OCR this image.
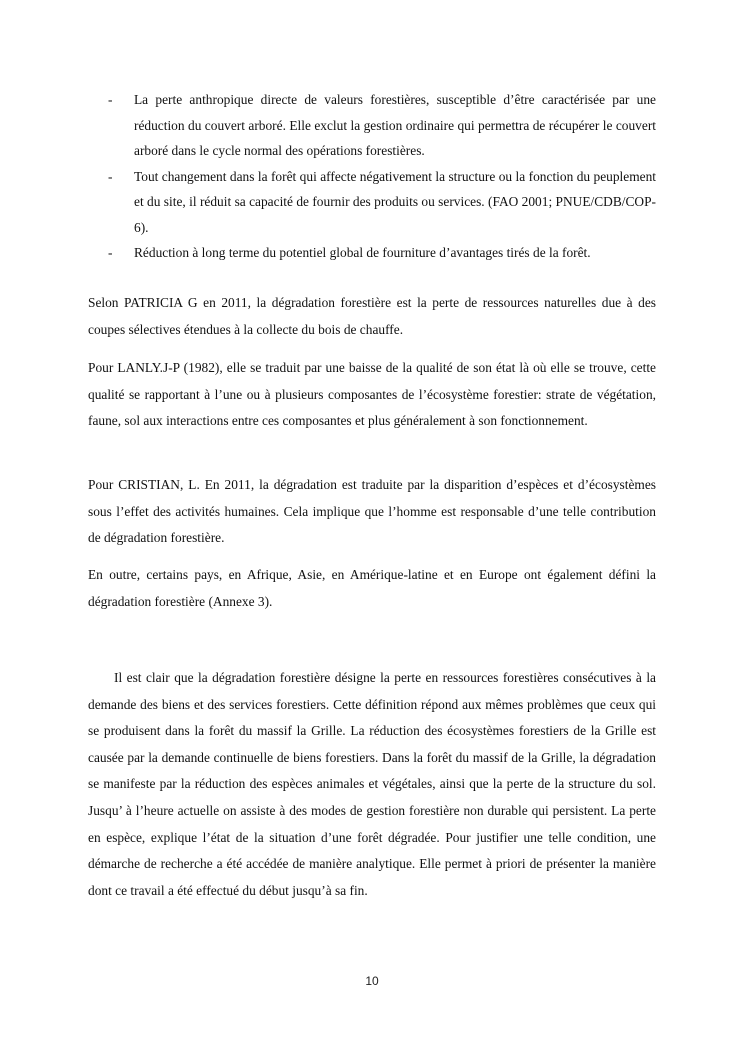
- La perte anthropique directe de valeurs forestières, susceptible d’être caractérisée par une réduction du couvert arboré. Elle exclut la gestion ordinaire qui permettra de récupérer le couvert arboré dans le cycle normal des opérations forestières.
- Tout changement dans la forêt qui affecte négativement la structure ou la fonction du peuplement et du site, il réduit sa capacité de fournir des produits ou services. (FAO 2001; PNUE/CDB/COP-6).
- Réduction à long terme du potentiel global de fourniture d’avantages tirés de la forêt.

Selon PATRICIA G en 2011, la dégradation forestière est la perte de ressources naturelles due à des coupes sélectives étendues à la collecte du bois de chauffe.

Pour LANLY.J-P (1982), elle se traduit par une baisse de la qualité de son état là où elle se trouve, cette qualité se rapportant à l’une ou à plusieurs composantes de l’écosystème forestier: strate de végétation, faune, sol aux interactions entre ces composantes et plus généralement à son fonctionnement.

Pour CRISTIAN, L. En 2011, la dégradation est traduite par la disparition d’espèces et d’écosystèmes sous l’effet des activités humaines. Cela implique que l’homme est responsable d’une telle contribution de dégradation forestière.

En outre, certains pays, en Afrique, Asie, en Amérique-latine et en Europe ont également défini la dégradation forestière (Annexe 3).

Il est clair que la dégradation forestière désigne la perte en ressources forestières consécutives à la demande des biens et des services forestiers. Cette définition répond aux mêmes problèmes que ceux qui se produisent dans la forêt du massif la Grille. La réduction des écosystèmes forestiers de la Grille est causée par la demande continuelle de biens forestiers. Dans la forêt du massif de la Grille, la dégradation se manifeste par la réduction des espèces animales et végétales, ainsi que la perte de la structure du sol. Jusqu’ à l’heure actuelle on assiste à des modes de gestion forestière non durable qui persistent. La perte en espèce, explique l’état de la situation d’une forêt dégradée. Pour justifier une telle condition, une démarche de recherche a été accédée de manière analytique. Elle permet à priori de présenter la manière dont ce travail a été effectué du début jusqu’à sa fin.

10
